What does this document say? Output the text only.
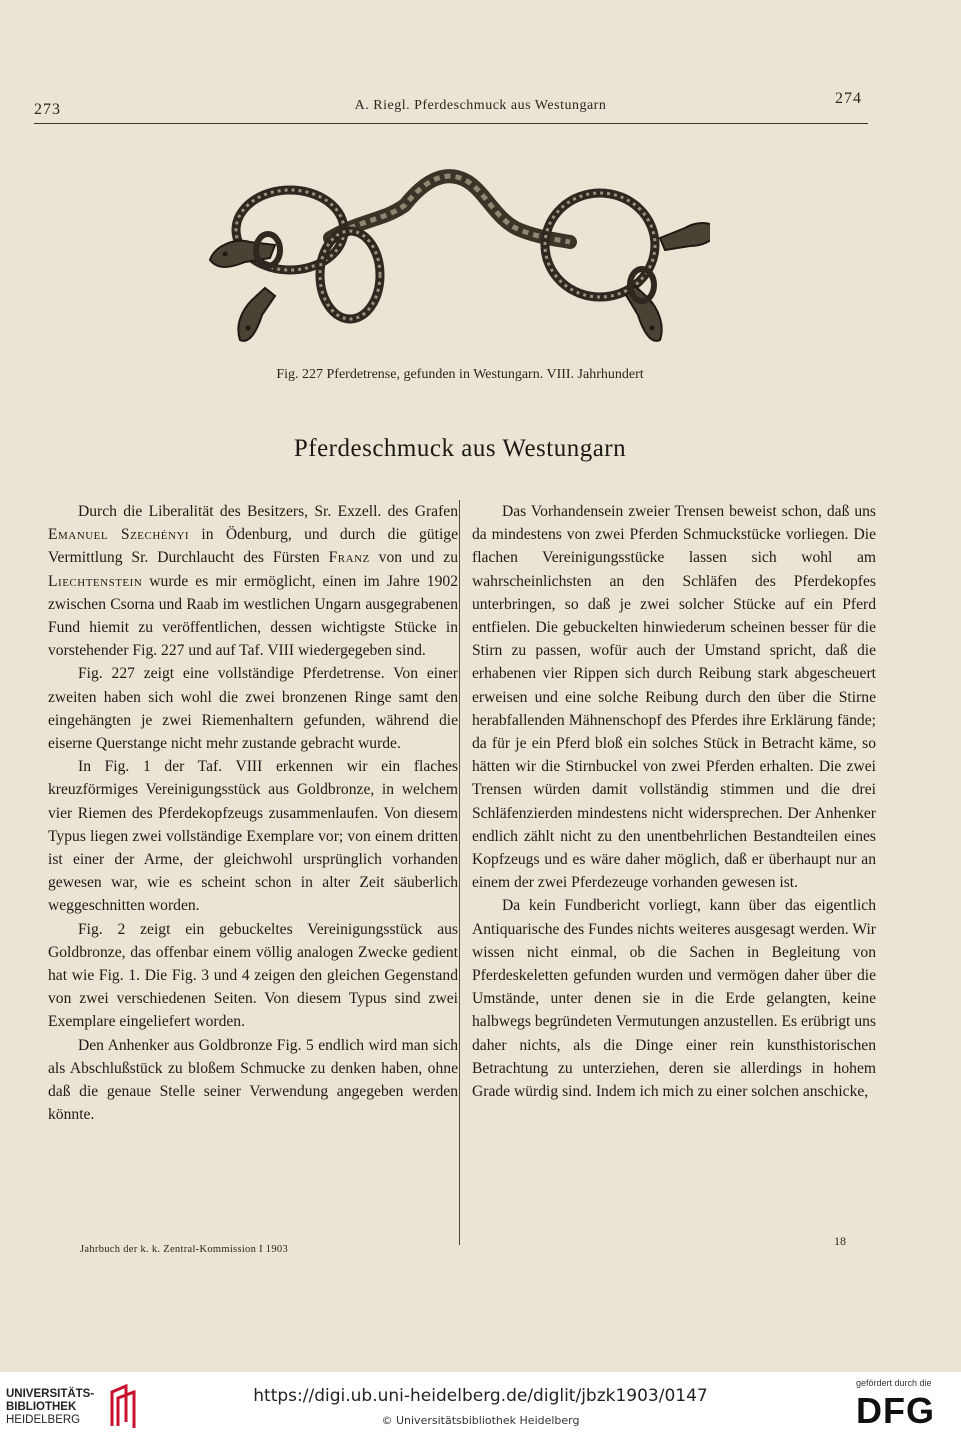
273	A. Riegl. Pferdeschmuck aus Westungarn	274
Fig. 227 Pferdetrense, gefunden in Westungarn. VIII. Jahrhundert
Pferdeschmuck aus Westungarn

Durch die Liberalität des Besitzers, Sr. Exzell. des Grafen Emanuel Szechényi in Ödenburg, und durch die gütige Vermittlung Sr. Durchlaucht des Fürsten Franz von und zu Liechtenstein wurde es mir ermöglicht, einen im Jahre 1902 zwischen Csorna und Raab im westlichen Ungarn ausgegrabenen Fund hiemit zu veröffentlichen, dessen wichtigste Stücke in vorstehender Fig. 227 und auf Taf. VIII wiedergegeben sind.

Fig. 227 zeigt eine vollständige Pferdetrense. Von einer zweiten haben sich wohl die zwei bronzenen Ringe samt den eingehängten je zwei Riemenhaltern gefunden, während die eiserne Querstange nicht mehr zustande gebracht wurde.

In Fig. 1 der Taf. VIII erkennen wir ein flaches kreuzförmiges Vereinigungsstück aus Goldbronze, in welchem vier Riemen des Pferdekopfzeugs zusammenlaufen. Von diesem Typus liegen zwei vollständige Exemplare vor; von einem dritten ist einer der Arme, der gleichwohl ursprünglich vorhanden gewesen war, wie es scheint schon in alter Zeit säuberlich weggeschnitten worden.

Fig. 2 zeigt ein gebuckeltes Vereinigungsstück aus Goldbronze, das offenbar einem völlig analogen Zwecke gedient hat wie Fig. 1. Die Fig. 3 und 4 zeigen den gleichen Gegenstand von zwei verschiedenen Seiten. Von diesem Typus sind zwei Exemplare eingeliefert worden.

Den Anhenker aus Goldbronze Fig. 5 endlich wird man sich als Abschlußstück zu bloßem Schmucke zu denken haben, ohne daß die genaue Stelle seiner Verwendung angegeben werden könnte.

Das Vorhandensein zweier Trensen beweist schon, daß uns da mindestens von zwei Pferden Schmuckstücke vorliegen. Die flachen Vereinigungsstücke lassen sich wohl am wahrscheinlichsten an den Schläfen des Pferdekopfes unterbringen, so daß je zwei solcher Stücke auf ein Pferd entfielen. Die gebuckelten hinwiederum scheinen besser für die Stirn zu passen, wofür auch der Umstand spricht, daß die erhabenen vier Rippen sich durch Reibung stark abgescheuert erweisen und eine solche Reibung durch den über die Stirne herabfallenden Mähnenschopf des Pferdes ihre Erklärung fände; da für je ein Pferd bloß ein solches Stück in Betracht käme, so hätten wir die Stirnbuckel von zwei Pferden erhalten. Die zwei Trensen würden damit vollständig stimmen und die drei Schläfenzierden mindestens nicht widersprechen. Der Anhenker endlich zählt nicht zu den unentbehrlichen Bestandteilen eines Kopfzeugs und es wäre daher möglich, daß er überhaupt nur an einem der zwei Pferdezeuge vorhanden gewesen ist.

Da kein Fundbericht vorliegt, kann über das eigentlich Antiquarische des Fundes nichts weiteres ausgesagt werden. Wir wissen nicht einmal, ob die Sachen in Begleitung von Pferdeskeletten gefunden wurden und vermögen daher über die Umstände, unter denen sie in die Erde gelangten, keine halbwegs begründeten Vermutungen anzustellen. Es erübrigt uns daher nichts, als die Dinge einer rein kunsthistorischen Betrachtung zu unterziehen, deren sie allerdings in hohem Grade würdig sind. Indem ich mich zu einer solchen anschicke,

Jahrbuch der k. k. Zentral-Kommission I 1903
18
UNIVERSITÄTS-
BIBLIOTHEK
HEIDELBERG
https://digi.ub.uni-heidelberg.de/diglit/jbzk1903/0147
© Universitätsbibliothek Heidelberg
gefördert durch die
DFG
